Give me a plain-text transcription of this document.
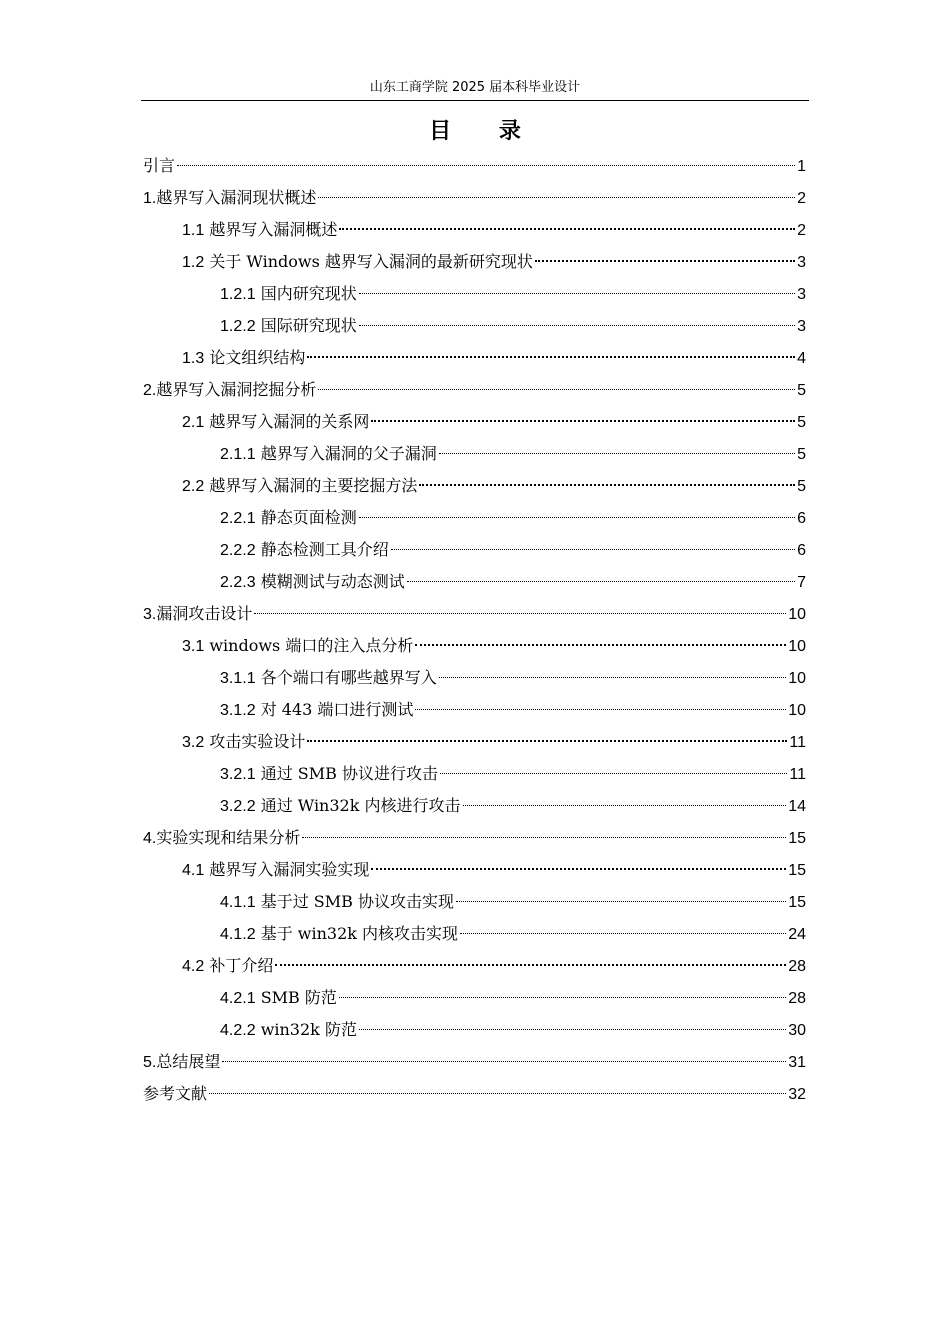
山东工商学院 2025 届本科毕业设计
目 录
引言	1
1.越界写入漏洞现状概述	2
1.1 越界写入漏洞概述	2
1.2 关于 Windows 越界写入漏洞的最新研究现状	3
1.2.1 国内研究现状	3
1.2.2 国际研究现状	3
1.3 论文组织结构	4
2.越界写入漏洞挖掘分析	5
2.1 越界写入漏洞的关系网	5
2.1.1 越界写入漏洞的父子漏洞	5
2.2 越界写入漏洞的主要挖掘方法	5
2.2.1 静态页面检测	6
2.2.2 静态检测工具介绍	6
2.2.3 模糊测试与动态测试	7
3.漏洞攻击设计	10
3.1 windows 端口的注入点分析	10
3.1.1 各个端口有哪些越界写入	10
3.1.2 对 443 端口进行测试	10
3.2 攻击实验设计	11
3.2.1 通过 SMB 协议进行攻击	11
3.2.2 通过 Win32k 内核进行攻击	14
4.实验实现和结果分析	15
4.1 越界写入漏洞实验实现	15
4.1.1 基于过 SMB 协议攻击实现	15
4.1.2 基于 win32k 内核攻击实现	24
4.2 补丁介绍	28
4.2.1 SMB 防范	28
4.2.2 win32k 防范	30
5.总结展望	31
参考文献	32
